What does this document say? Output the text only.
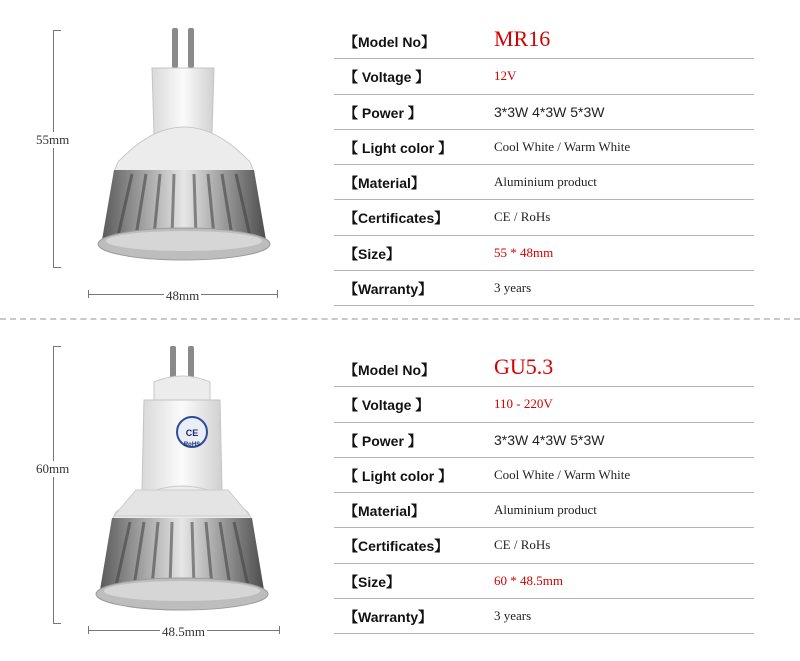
55mm
48mm
【Model No】	MR16
【 Voltage 】	12V
【 Power 】	3*3W 4*3W 5*3W
【 Light color 】	Cool White / Warm White
【Material】	Aluminium product
【Certificates】	CE / RoHs
【Size】	55 * 48mm
【Warranty】	3 years
60mm
CE
RoHS
48.5mm
【Model No】	GU5.3
【 Voltage 】	110 - 220V
【 Power 】	3*3W 4*3W 5*3W
【 Light color 】	Cool White / Warm White
【Material】	Aluminium product
【Certificates】	CE / RoHs
【Size】	60 * 48.5mm
【Warranty】	3 years
